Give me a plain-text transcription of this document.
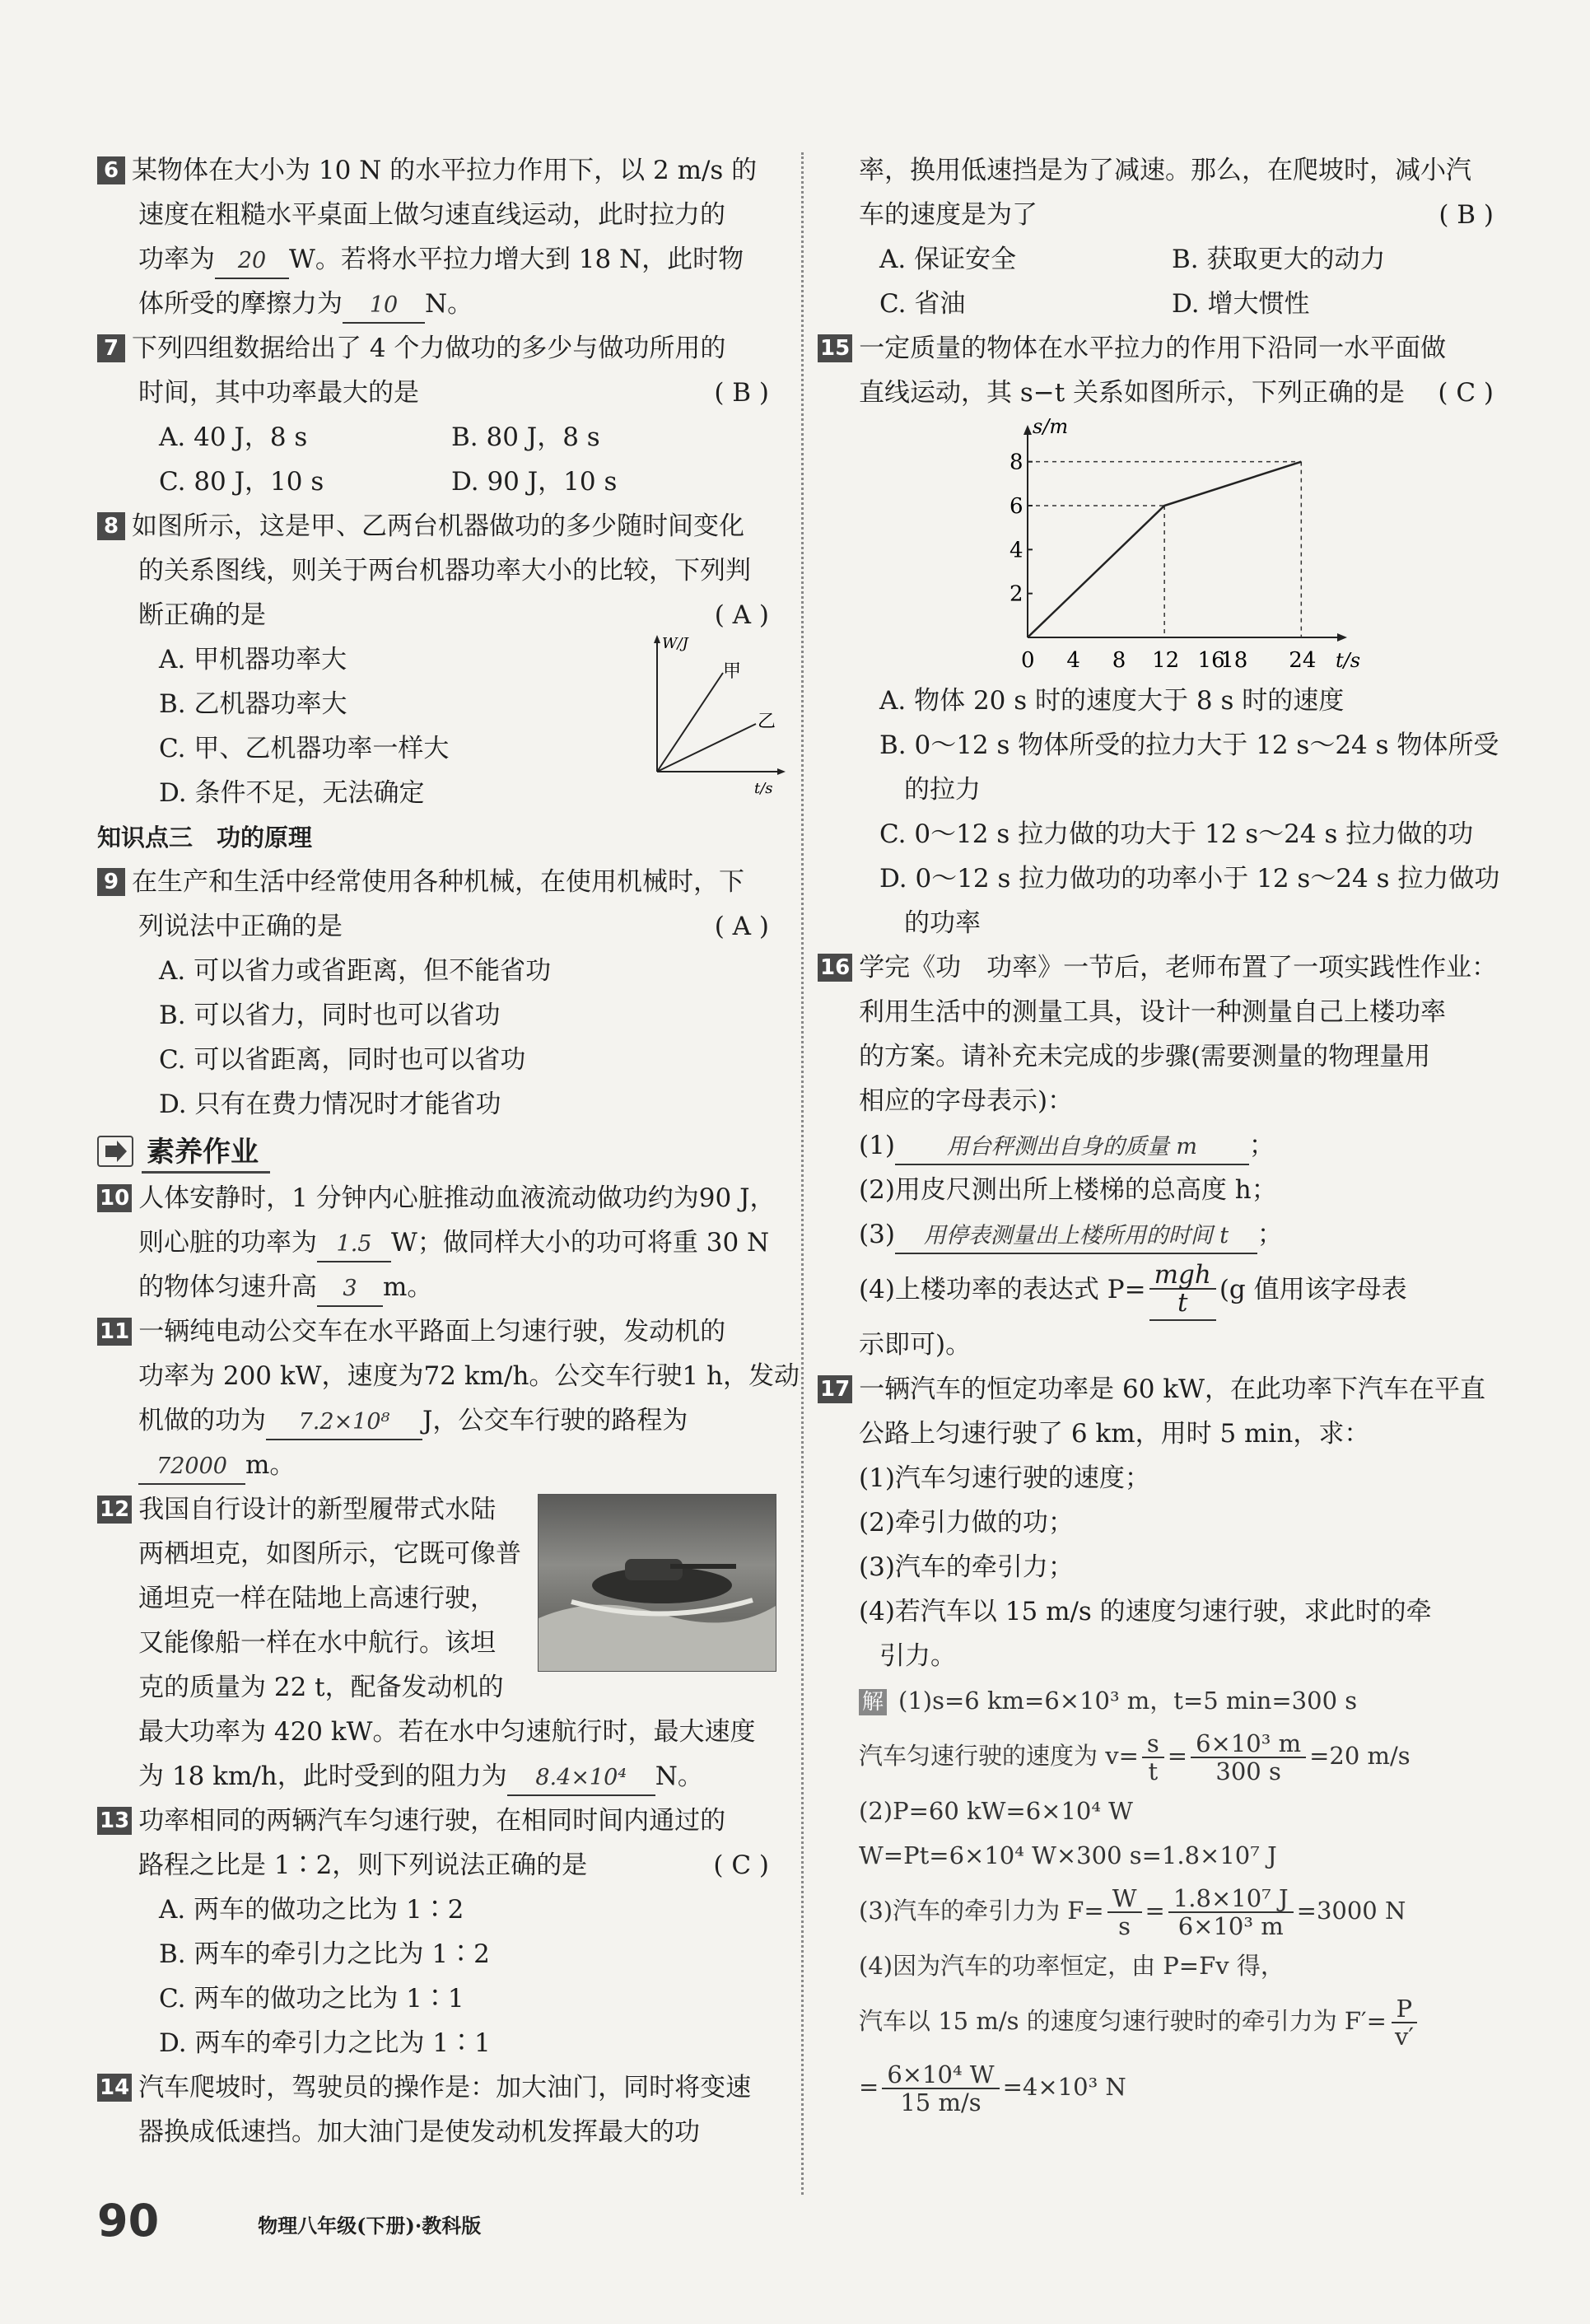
6 某物体在大小为 10 N 的水平拉力作用下，以 2 m/s 的
速度在粗糙水平桌面上做匀速直线运动，此时拉力的
功率为 20 W。若将水平拉力增大到 18 N，此时物
体所受的摩擦力为 10 N。
7 下列四组数据给出了 4 个力做功的多少与做功所用的
时间，其中功率最大的是	( B )
A. 40 J，8 s	B. 80 J，8 s
C. 80 J，10 s	D. 90 J，10 s
8 如图所示，这是甲、乙两台机器做功的多少随时间变化
的关系图线，则关于两台机器功率大小的比较，下列判
断正确的是	( A )
A. 甲机器功率大
B. 乙机器功率大
C. 甲、乙机器功率一样大
D. 条件不足，无法确定
W/J
t/s
甲
乙
知识点三　功的原理
9 在生产和生活中经常使用各种机械，在使用机械时，下
列说法中正确的是	( A )
A. 可以省力或省距离，但不能省功
B. 可以省力，同时也可以省功
C. 可以省距离，同时也可以省功
D. 只有在费力情况时才能省功
素养作业
10 人体安静时，1 分钟内心脏推动血液流动做功约为90 J，
则心脏的功率为 1.5 W；做同样大小的功可将重 30 N
的物体匀速升高 3 m。
11 一辆纯电动公交车在水平路面上匀速行驶，发动机的
功率为 200 kW，速度为72 km/h。公交车行驶1 h，发动
机做的功为 7.2×10⁸ J，公交车行驶的路程为
72000 m。
12 我国自行设计的新型履带式水陆
两栖坦克，如图所示，它既可像普
通坦克一样在陆地上高速行驶，
又能像船一样在水中航行。该坦
克的质量为 22 t，配备发动机的
最大功率为 420 kW。若在水中匀速航行时，最大速度
为 18 km/h，此时受到的阻力为 8.4×10⁴ N。
13 功率相同的两辆汽车匀速行驶，在相同时间内通过的
路程之比是 1∶2，则下列说法正确的是	( C )
A. 两车的做功之比为 1∶2
B. 两车的牵引力之比为 1∶2
C. 两车的做功之比为 1∶1
D. 两车的牵引力之比为 1∶1
14 汽车爬坡时，驾驶员的操作是：加大油门，同时将变速
器换成低速挡。加大油门是使发动机发挥最大的功
率，换用低速挡是为了减速。那么，在爬坡时，减小汽
车的速度是为了	( B )
A. 保证安全	B. 获取更大的动力
C. 省油	D. 增大惯性
15 一定质量的物体在水平拉力的作用下沿同一水平面做
直线运动，其 s−t 关系如图所示，下列正确的是 ( C )
s/m
t/s
2
4
6
8
0 4 8 12 16
18 24
A. 物体 20 s 时的速度大于 8 s 时的速度
B. 0～12 s 物体所受的拉力大于 12 s～24 s 物体所受
的拉力
C. 0～12 s 拉力做的功大于 12 s～24 s 拉力做的功
D. 0～12 s 拉力做功的功率小于 12 s～24 s 拉力做功
的功率
16 学完《功　功率》一节后，老师布置了一项实践性作业：
利用生活中的测量工具，设计一种测量自己上楼功率
的方案。请补充未完成的步骤(需要测量的物理量用
相应的字母表示)：
(1) 用台秤测出自身的质量 m ；
(2)用皮尺测出所上楼梯的总高度 h；
(3) 用停表测量出上楼所用的时间 t ；
(4)上楼功率的表达式 $P= \frac{\text{mgh}}{t} (g$ 值用该字母表
示即可)。
17 一辆汽车的恒定功率是 60 kW，在此功率下汽车在平直
公路上匀速行驶了 6 km，用时 5 min，求：
(1)汽车匀速行驶的速度；
(2)牵引力做的功；
(3)汽车的牵引力；
(4)若汽车以 15 m/s 的速度匀速行驶，求此时的牵
引力。
解 (1)s=6 km=6×10³ m，t=5 min=300 s
汽车匀速行驶的速度为 $v= \frac{s}{t} = \frac{\text{6×10³ m}}{300 s} =20$ m/s
(2)P=60 kW=6×10⁴ W
W=Pt=6×10⁴ W×300 s=1.8×10⁷ J
(3)汽车的牵引力为 $F= \frac{W}{s} = \frac{\text{1.8×10⁷ J}}{\text{6×10³ m}} =3000$ N
(4)因为汽车的功率恒定，由 P=Fv 得，
汽车以 15 m/s 的速度匀速行驶时的牵引力为 $F'= \frac{P}{v'}$
= $\frac{\text{6×10⁴ W}}{15 m/s} =4\times 10^3$ N
90	物理八年级(下册)·教科版
